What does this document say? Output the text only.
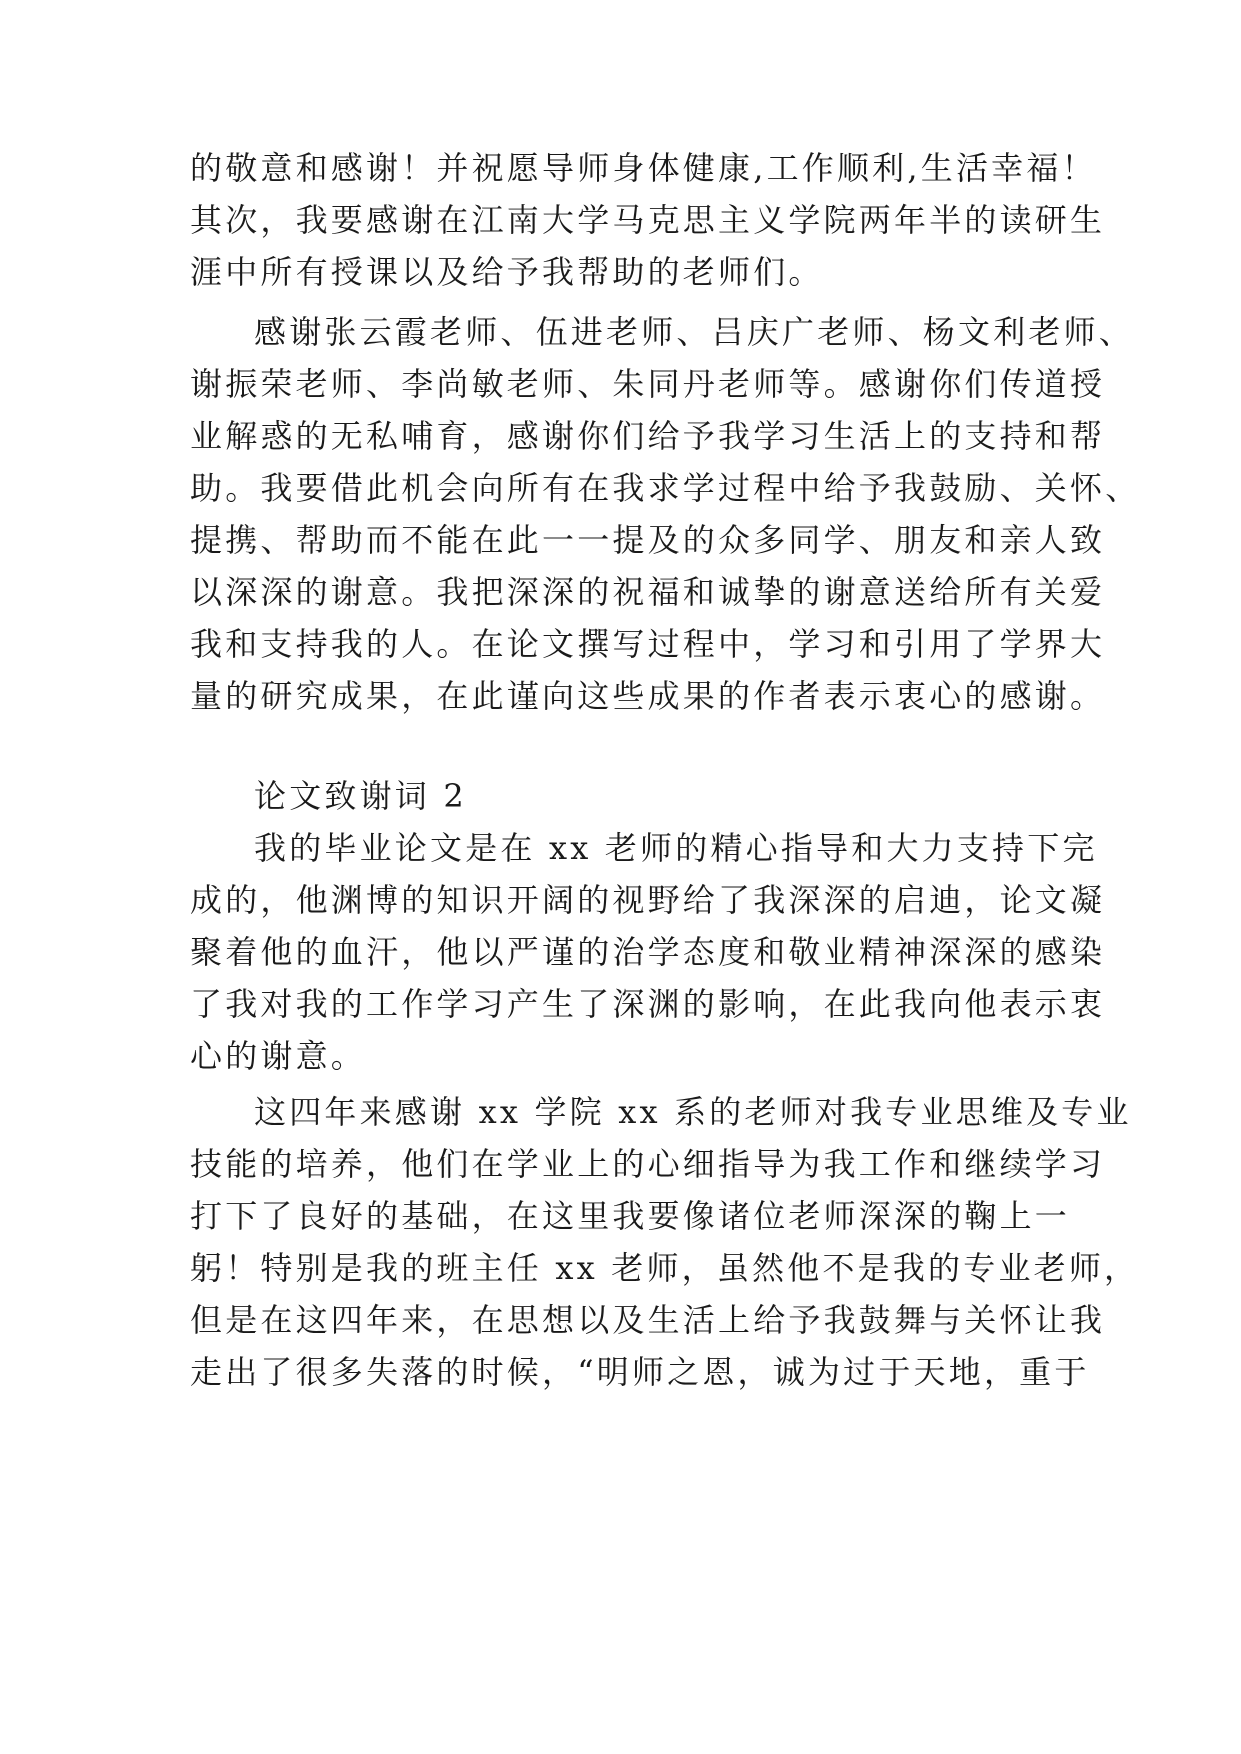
的敬意和感谢！并祝愿导师身体健康,工作顺利,生活幸福！
其次，我要感谢在江南大学马克思主义学院两年半的读研生
涯中所有授课以及给予我帮助的老师们。
感谢张云霞老师、伍进老师、吕庆广老师、杨文利老师、
谢振荣老师、李尚敏老师、朱同丹老师等。感谢你们传道授
业解惑的无私哺育，感谢你们给予我学习生活上的支持和帮
助。我要借此机会向所有在我求学过程中给予我鼓励、关怀、
提携、帮助而不能在此一一提及的众多同学、朋友和亲人致
以深深的谢意。我把深深的祝福和诚挚的谢意送给所有关爱
我和支持我的人。在论文撰写过程中，学习和引用了学界大
量的研究成果，在此谨向这些成果的作者表示衷心的感谢。
论文致谢词 2
我的毕业论文是在 xx 老师的精心指导和大力支持下完
成的，他渊博的知识开阔的视野给了我深深的启迪，论文凝
聚着他的血汗，他以严谨的治学态度和敬业精神深深的感染
了我对我的工作学习产生了深渊的影响，在此我向他表示衷
心的谢意。
这四年来感谢 xx 学院 xx 系的老师对我专业思维及专业
技能的培养，他们在学业上的心细指导为我工作和继续学习
打下了良好的基础，在这里我要像诸位老师深深的鞠上一
躬！特别是我的班主任 xx 老师，虽然他不是我的专业老师，
但是在这四年来，在思想以及生活上给予我鼓舞与关怀让我
走出了很多失落的时候，“明师之恩，诚为过于天地，重于
